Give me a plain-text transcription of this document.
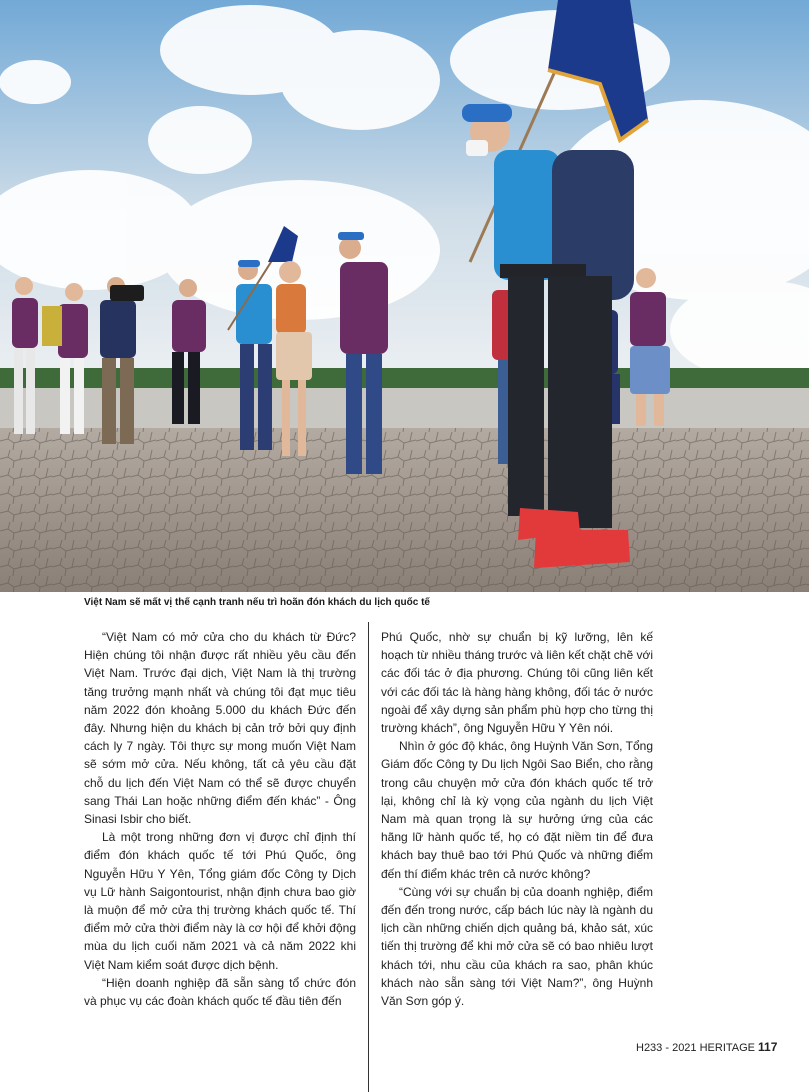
Việt Nam sẽ mất vị thế cạnh tranh nếu trì hoãn đón khách du lịch quốc tế

“Việt Nam có mở cửa cho du khách từ Đức? Hiện chúng tôi nhận được rất nhiều yêu cầu đến Việt Nam. Trước đại dịch, Việt Nam là thị trường tăng trưởng mạnh nhất và chúng tôi đạt mục tiêu năm 2022 đón khoảng 5.000 du khách Đức đến đây. Nhưng hiện du khách bị cản trở bởi quy định cách ly 7 ngày. Tôi thực sự mong muốn Việt Nam sẽ sớm mở cửa. Nếu không, tất cả yêu cầu đặt chỗ du lịch đến Việt Nam có thể sẽ được chuyển sang Thái Lan hoặc những điểm đến khác” - Ông Sinasi Isbir cho biết.

Là một trong những đơn vị được chỉ định thí điểm đón khách quốc tế tới Phú Quốc, ông Nguyễn Hữu Y Yên, Tổng giám đốc Công ty Dịch vụ Lữ hành Saigontourist, nhận định chưa bao giờ là muộn để mở cửa thị trường khách quốc tế. Thí điểm mở cửa thời điểm này là cơ hội để khởi động mùa du lịch cuối năm 2021 và cả năm 2022 khi Việt Nam kiểm soát được dịch bệnh.

“Hiện doanh nghiệp đã sẵn sàng tổ chức đón và phục vụ các đoàn khách quốc tế đầu tiên đến

Phú Quốc, nhờ sự chuẩn bị kỹ lưỡng, lên kế hoạch từ nhiều tháng trước và liên kết chặt chẽ với các đối tác ở địa phương. Chúng tôi cũng liên kết với các đối tác là hàng hàng không, đối tác ở nước ngoài để xây dựng sản phẩm phù hợp cho từng thị trường khách”, ông Nguyễn Hữu Y Yên nói.

Nhìn ở góc độ khác, ông Huỳnh Văn Sơn, Tổng Giám đốc Công ty Du lịch Ngôi Sao Biển, cho rằng trong câu chuyện mở cửa đón khách quốc tế trở lại, không chỉ là kỳ vọng của ngành du lịch Việt Nam mà quan trọng là sự hưởng ứng của các hãng lữ hành quốc tế, họ có đặt niềm tin để đưa khách bay thuê bao tới Phú Quốc và những điểm đến thí điểm khác trên cả nước không?

“Cùng với sự chuẩn bị của doanh nghiệp, điểm đến đến trong nước, cấp bách lúc này là ngành du lịch cần những chiến dịch quảng bá, khảo sát, xúc tiến thị trường để khi mở cửa sẽ có bao nhiêu lượt khách tới, nhu cầu của khách ra sao, phân khúc khách nào sẵn sàng tới Việt Nam?”, ông Huỳnh Văn Sơn góp ý.

H233 - 2021 HERITAGE 117
